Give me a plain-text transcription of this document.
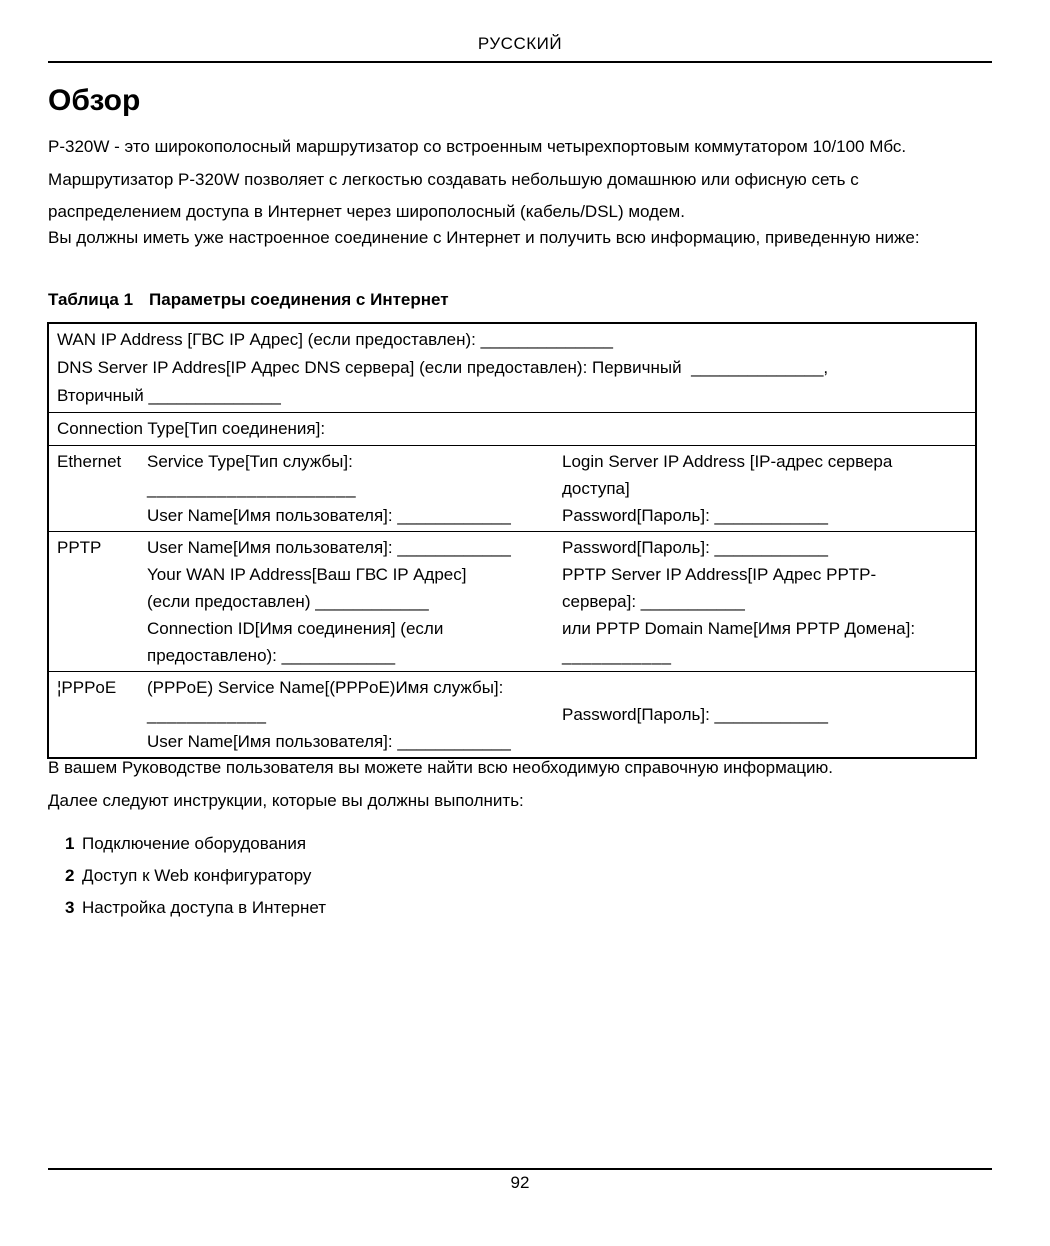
РУССКИЙ
Обзор
Р-320W - это широкополосный маршрутизатор со встроенным четырехпортовым коммутатором 10/100 Мбс. Маршрутизатор Р-320W позволяет с легкостью создавать небольшую домашнюю или офисную сеть с распределением доступа в Интернет через широполосный (кабель/DSL) модем.
Вы должны иметь уже настроенное соединение с Интернет и получить всю информацию, приведенную ниже:
Таблица 1 Параметры соединения с Интернет
WAN IP Address [ГВС IP Адрес] (если предоставлен): ______________
DNS Server IP Addres[IP Адрес DNS сервера] (если предоставлен): Первичный  ______________,
Вторичный ______________
Connection Type[Тип соединения]:
Ethernet	Service Type[Тип службы]:	Login Server IP Address [IP-адрес сервера
_____________________	доступа]
User Name[Имя пользователя]: ____________	Password[Пароль]: ____________
PPTP	User Name[Имя пользователя]: ____________	Password[Пароль]: ____________
Your WAN IP Address[Ваш ГВС IP Адрес]	PPTP Server IP Address[IP Адрес PPTP-
(если предоставлен) ____________	сервера]: ___________
Connection ID[Имя соединения] (если	или PPTP Domain Name[Имя PPTP Домена]:
предоставлено): ____________	___________
¦PPPoE	(PPPoE) Service Name[(PPPoE)Имя службы]:
____________	Password[Пароль]: ____________
User Name[Имя пользователя]: ____________
В вашем Руководстве пользователя вы можете найти всю необходимую справочную информацию.
Далее следуют инструкции, которые вы должны выполнить:
1 Подключение оборудования
2 Доступ к Web конфигуратору
3 Настройка доступа в Интернет
92
